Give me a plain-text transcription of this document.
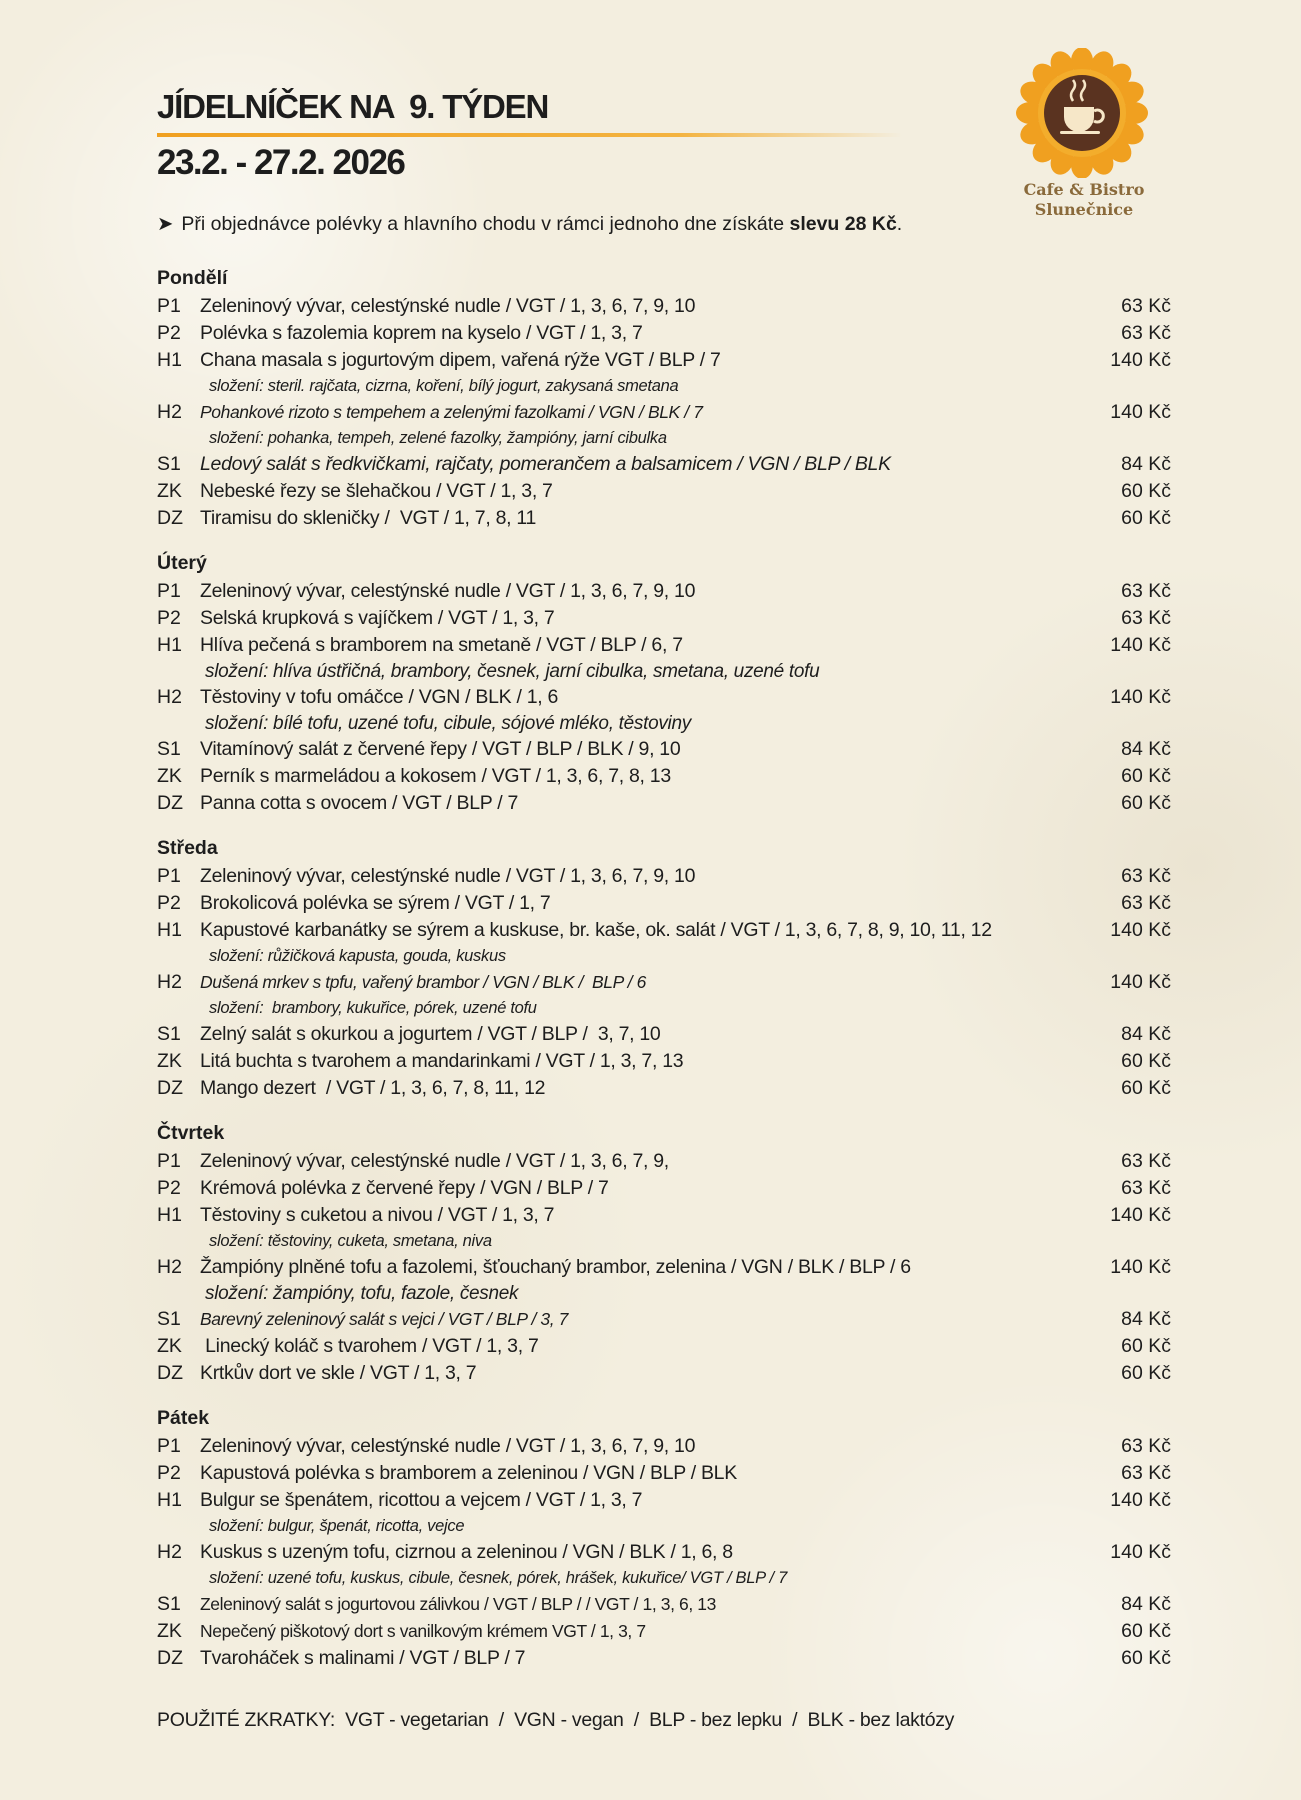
JÍDELNÍČEK NA  9. TÝDEN
23.2. - 27.2. 2026
Cafe & Bistro
Slunečnice
➤ Při objednávce polévky a hlavního chodu v rámci jednoho dne získáte slevu 28 Kč.
Pondělí
P1 Zeleninový vývar, celestýnské nudle / VGT / 1, 3, 6, 7, 9, 10	63 Kč
P2 Polévka s fazolemia koprem na kyselo / VGT / 1, 3, 7	63 Kč
H1 Chana masala s jogurtovým dipem, vařená rýže VGT / BLP / 7	140 Kč
složení: steril. rajčata, cizrna, koření, bílý jogurt, zakysaná smetana
H2	Pohankové rizoto s tempehem a zelenými fazolkami / VGN / BLK / 7	140 Kč
složení: pohanka, tempeh, zelené fazolky, žampióny, jarní cibulka
S1 Ledový salát s ředkvičkami, rajčaty, pomerančem a balsamicem / VGN / BLP / BLK	84 Kč
ZK Nebeské řezy se šlehačkou / VGT / 1, 3, 7	60 Kč
DZ Tiramisu do skleničky /  VGT / 1, 7, 8, 11	60 Kč
Úterý
P1 Zeleninový vývar, celestýnské nudle / VGT / 1, 3, 6, 7, 9, 10	63 Kč
P2 Selská krupková s vajíčkem / VGT / 1, 3, 7	63 Kč
H1 Hlíva pečená s bramborem na smetaně / VGT / BLP / 6, 7	140 Kč
složení: hlíva ústřičná, brambory, česnek, jarní cibulka, smetana, uzené tofu
H2 Těstoviny v tofu omáčce / VGN / BLK / 1, 6	140 Kč
složení: bílé tofu, uzené tofu, cibule, sójové mléko, těstoviny
S1 Vitamínový salát z červené řepy / VGT / BLP / BLK / 9, 10	84 Kč
ZK Perník s marmeládou a kokosem / VGT / 1, 3, 6, 7, 8, 13	60 Kč
DZ Panna cotta s ovocem / VGT / BLP / 7	60 Kč
Středa
P1 Zeleninový vývar, celestýnské nudle / VGT / 1, 3, 6, 7, 9, 10	63 Kč
P2 Brokolicová polévka se sýrem / VGT / 1, 7	63 Kč
H1 Kapustové karbanátky se sýrem a kuskuse, br. kaše, ok. salát / VGT / 1, 3, 6, 7, 8, 9, 10, 11, 12	140 Kč
složení: růžičková kapusta, gouda, kuskus
H2	Dušená mrkev s tpfu, vařený brambor / VGN / BLK /  BLP / 6	140 Kč
složení:  brambory, kukuřice, pórek, uzené tofu
S1 Zelný salát s okurkou a jogurtem / VGT / BLP /  3, 7, 10	84 Kč
ZK Litá buchta s tvarohem a mandarinkami / VGT / 1, 3, 7, 13	60 Kč
DZ Mango dezert  / VGT / 1, 3, 6, 7, 8, 11, 12	60 Kč
Čtvrtek
P1 Zeleninový vývar, celestýnské nudle / VGT / 1, 3, 6, 7, 9,	63 Kč
P2 Krémová polévka z červené řepy / VGN / BLP / 7	63 Kč
H1 Těstoviny s cuketou a nivou / VGT / 1, 3, 7	140 Kč
složení: těstoviny, cuketa, smetana, niva
H2 Žampióny plněné tofu a fazolemi, šťouchaný brambor, zelenina / VGN / BLK / BLP / 6	140 Kč
složení: žampióny, tofu, fazole, česnek
S1	Barevný zeleninový salát s vejci / VGT / BLP / 3, 7	84 Kč
ZK Linecký koláč s tvarohem / VGT / 1, 3, 7	60 Kč
DZ Krtkův dort ve skle / VGT / 1, 3, 7	60 Kč
Pátek
P1 Zeleninový vývar, celestýnské nudle / VGT / 1, 3, 6, 7, 9, 10	63 Kč
P2 Kapustová polévka s bramborem a zeleninou / VGN / BLP / BLK	63 Kč
H1 Bulgur se špenátem, ricottou a vejcem / VGT / 1, 3, 7	140 Kč
složení: bulgur, špenát, ricotta, vejce
H2 Kuskus s uzeným tofu, cizrnou a zeleninou / VGN / BLK / 1, 6, 8	140 Kč
složení: uzené tofu, kuskus, cibule, česnek, pórek, hrášek, kukuřice/ VGT / BLP / 7
S1	Zeleninový salát s jogurtovou zálivkou / VGT / BLP / / VGT / 1, 3, 6, 13	84 Kč
ZK	Nepečený piškotový dort s vanilkovým krémem VGT / 1, 3, 7	60 Kč
DZ Tvarohá​ček s malinami / VGT / BLP / 7	60 Kč
POUŽITÉ ZKRATKY:  VGT - vegetarian  /  VGN - vegan  /  BLP - bez lepku  /  BLK - bez laktózy
